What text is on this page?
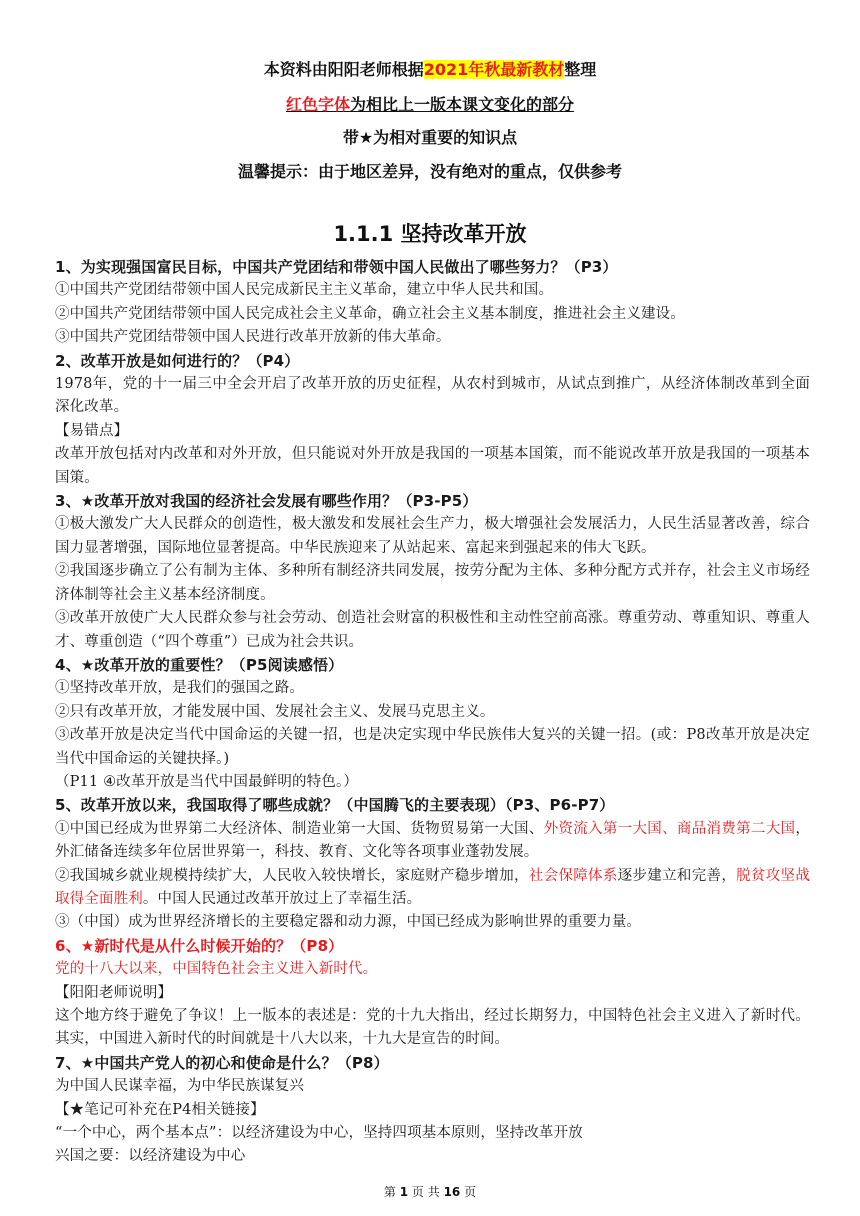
本资料由阳阳老师根据2021年秋最新教材整理
红色字体为相比上一版本课文变化的部分
带★为相对重要的知识点
温馨提示：由于地区差异，没有绝对的重点，仅供参考
1.1.1 坚持改革开放

1、为实现强国富民目标，中国共产党团结和带领中国人民做出了哪些努力？（P3）

①中国共产党团结带领中国人民完成新民主主义革命，建立中华人民共和国。

②中国共产党团结带领中国人民完成社会主义革命，确立社会主义基本制度，推进社会主义建设。

③中国共产党团结带领中国人民进行改革开放新的伟大革命。

2、改革开放是如何进行的？（P4）

1978年，党的十一届三中全会开启了改革开放的历史征程，从农村到城市，从试点到推广，从经济体制改革到全面深化改革。

【易错点】

改革开放包括对内改革和对外开放，但只能说对外开放是我国的一项基本国策，而不能说改革开放是我国的一项基本国策。

3、★改革开放对我国的经济社会发展有哪些作用？（P3-P5）

①极大激发广大人民群众的创造性，极大激发和发展社会生产力，极大增强社会发展活力，人民生活显著改善，综合国力显著增强，国际地位显著提高。中华民族迎来了从站起来、富起来到强起来的伟大飞跃。

②我国逐步确立了公有制为主体、多种所有制经济共同发展，按劳分配为主体、多种分配方式并存，社会主义市场经济体制等社会主义基本经济制度。

③改革开放使广大人民群众参与社会劳动、创造社会财富的积极性和主动性空前高涨。尊重劳动、尊重知识、尊重人才、尊重创造（“四个尊重”）已成为社会共识。

4、★改革开放的重要性？（P5阅读感悟）

①坚持改革开放，是我们的强国之路。

②只有改革开放，才能发展中国、发展社会主义、发展马克思主义。

③改革开放是决定当代中国命运的关键一招，也是决定实现中华民族伟大复兴的关键一招。(或：P8改革开放是决定当代中国命运的关键抉择。)

（P11 ④改革开放是当代中国最鲜明的特色。）

5、改革开放以来，我国取得了哪些成就？（中国腾飞的主要表现）（P3、P6-P7）

①中国已经成为世界第二大经济体、制造业第一大国、货物贸易第一大国、外资流入第一大国、商品消费第二大国，外汇储备连续多年位居世界第一，科技、教育、文化等各项事业蓬勃发展。

②我国城乡就业规模持续扩大，人民收入较快增长，家庭财产稳步增加，社会保障体系逐步建立和完善，脱贫攻坚战取得全面胜利。中国人民通过改革开放过上了幸福生活。

③（中国）成为世界经济增长的主要稳定器和动力源，中国已经成为影响世界的重要力量。

6、★新时代是从什么时候开始的？（P8）

党的十八大以来，中国特色社会主义进入新时代。

【阳阳老师说明】

这个地方终于避免了争议！上一版本的表述是：党的十九大指出，经过长期努力，中国特色社会主义进入了新时代。其实，中国进入新时代的时间就是十八大以来，十九大是宣告的时间。

7、★中国共产党人的初心和使命是什么？（P8）

为中国人民谋幸福，为中华民族谋复兴

【★笔记可补充在P4相关链接】

“一个中心，两个基本点”：以经济建设为中心，坚持四项基本原则，坚持改革开放

兴国之要：以经济建设为中心

第 1 页 共 16 页
